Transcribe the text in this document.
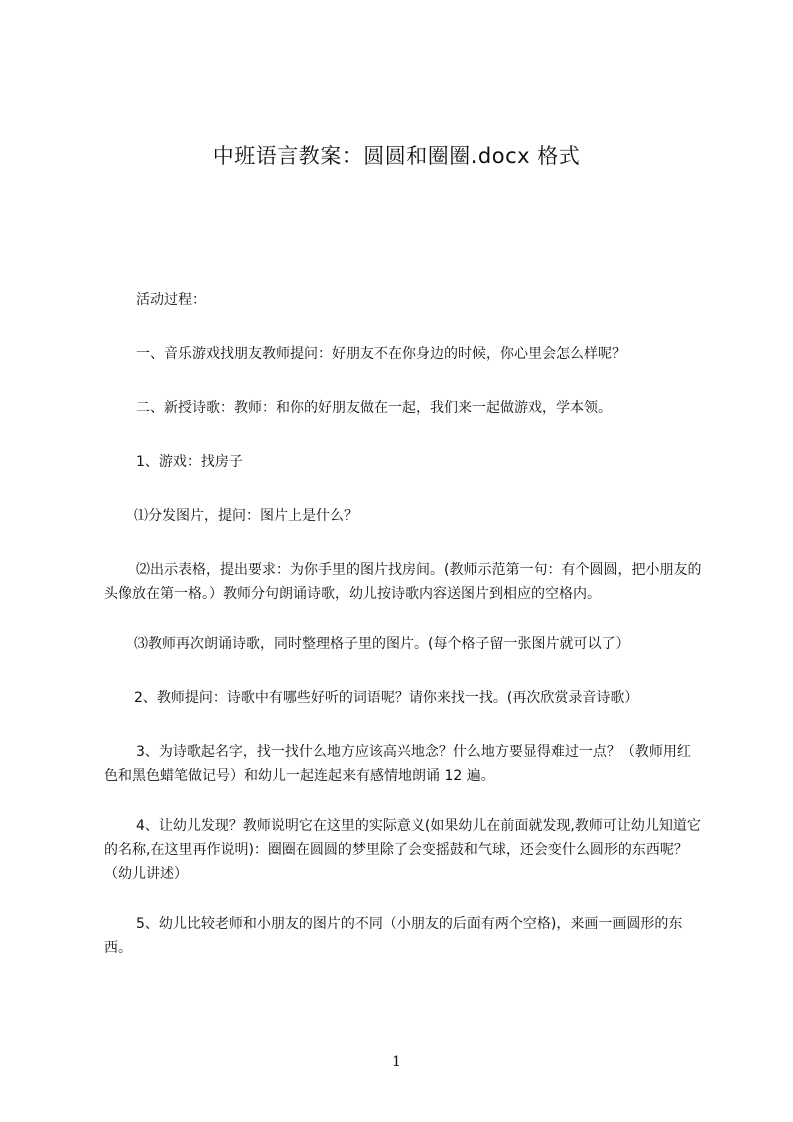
中班语言教案：圆圆和圈圈.docx 格式

活动过程：

一、音乐游戏找朋友教师提问：好朋友不在你身边的时候，你心里会怎么样呢？

二、新授诗歌：教师：和你的好朋友做在一起，我们来一起做游戏，学本领。

1、游戏：找房子

⑴分发图片，提问：图片上是什么？

⑵出示表格，提出要求：为你手里的图片找房间。(教师示范第一句：有个圆圆，把小朋友的头像放在第一格。）教师分句朗诵诗歌，幼儿按诗歌内容送图片到相应的空格内。

⑶教师再次朗诵诗歌，同时整理格子里的图片。(每个格子留一张图片就可以了）

2、教师提问：诗歌中有哪些好听的词语呢？请你来找一找。(再次欣赏录音诗歌）

3、为诗歌起名字，找一找什么地方应该高兴地念？什么地方要显得难过一点？（教师用红色和黑色蜡笔做记号）和幼儿一起连起来有感情地朗诵 12 遍。

4、让幼儿发现？教师说明它在这里的实际意义(如果幼儿在前面就发现,教师可让幼儿知道它的名称,在这里再作说明)：圈圈在圆圆的梦里除了会变摇鼓和气球，还会变什么圆形的东西呢？（幼儿讲述）

5、幼儿比较老师和小朋友的图片的不同（小朋友的后面有两个空格)，来画一画圆形的东西。

1
